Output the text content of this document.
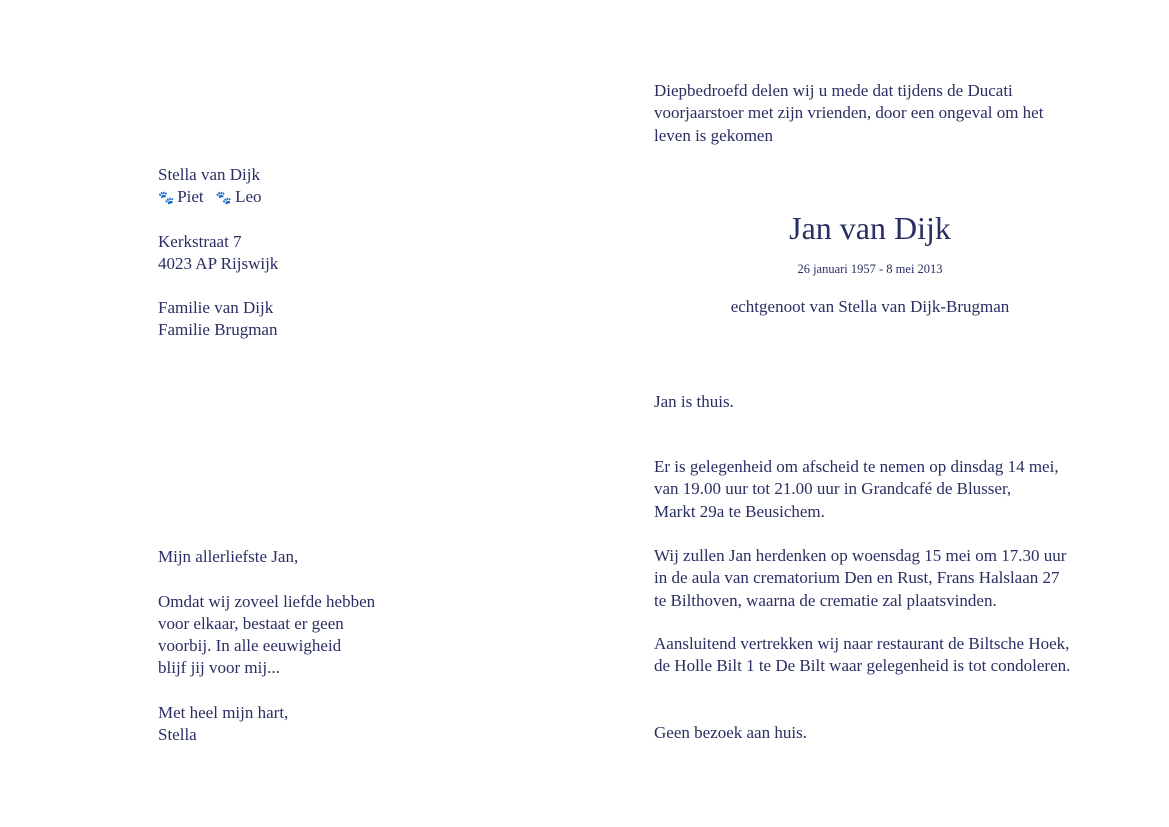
Stella van Dijk
🐾 Piet 🐾 Leo
Kerkstraat 7
4023 AP Rijswijk
Familie van Dijk
Familie Brugman
Mijn allerliefste Jan,
Omdat wij zoveel liefde hebben
voor elkaar, bestaat er geen
voorbij. In alle eeuwigheid
blijf jij voor mij...
Met heel mijn hart,
Stella
Diepbedroefd delen wij u mede dat tijdens de Ducati
voorjaarstoer met zijn vrienden, door een ongeval om het
leven is gekomen
Jan van Dijk
26 januari 1957 - 8 mei 2013
echtgenoot van Stella van Dijk-Brugman
Jan is thuis.
Er is gelegenheid om afscheid te nemen op dinsdag 14 mei,
van 19.00 uur tot 21.00 uur in Grandcafé de Blusser,
Markt 29a te Beusichem.
Wij zullen Jan herdenken op woensdag 15 mei om 17.30 uur
in de aula van crematorium Den en Rust, Frans Halslaan 27
te Bilthoven, waarna de crematie zal plaatsvinden.
Aansluitend vertrekken wij naar restaurant de Biltsche Hoek,
de Holle Bilt 1 te De Bilt waar gelegenheid is tot condoleren.
Geen bezoek aan huis.
